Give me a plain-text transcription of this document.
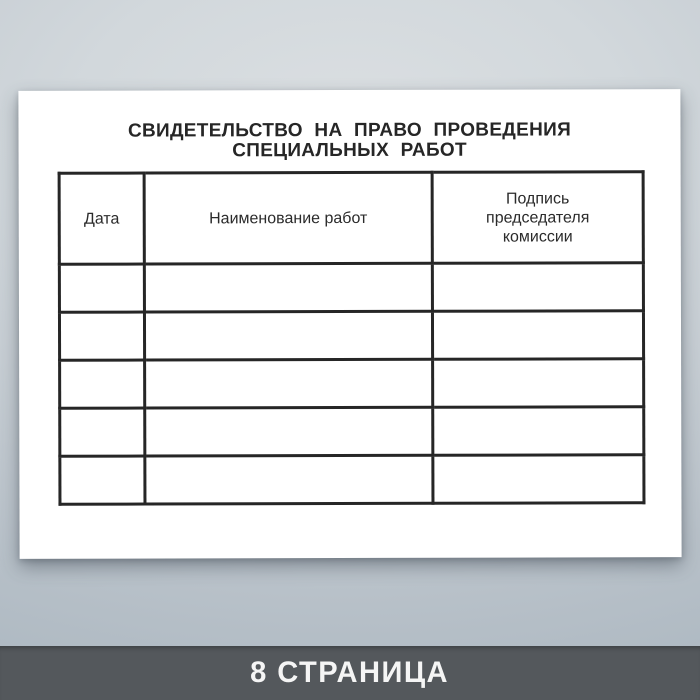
СВИДЕТЕЛЬСТВО НА ПРАВО ПРОВЕДЕНИЯ
СПЕЦИАЛЬНЫХ РАБОТ
Дата	Наименование работ	Подпись
председателя
комиссии

8 СТРАНИЦА
